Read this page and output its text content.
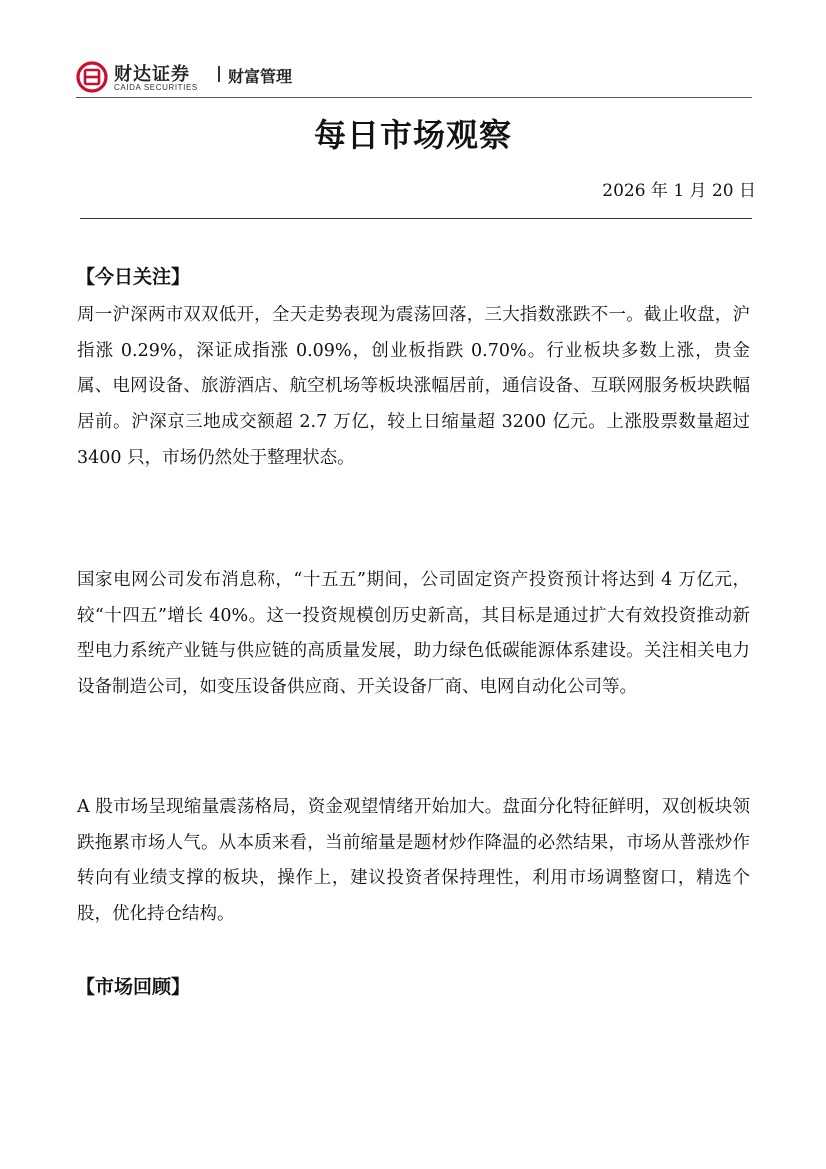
财达证券
CAIDA SECURITIES
财富管理
每日市场观察
2026 年 1 月 20 日
【今日关注】

周一沪深两市双双低开，全天走势表现为震荡回落，三大指数涨跌不一。截止收盘，沪指涨 0.29%，深证成指涨 0.09%，创业板指跌 0.70%。行业板块多数上涨，贵金属、电网设备、旅游酒店、航空机场等板块涨幅居前，通信设备、互联网服务板块跌幅居前。沪深京三地成交额超 2.7 万亿，较上日缩量超 3200 亿元。上涨股票数量超过 3400 只，市场仍然处于整理状态。

国家电网公司发布消息称，“十五五”期间，公司固定资产投资预计将达到 4 万亿元，较“十四五”增长 40%。这一投资规模创历史新高，其目标是通过扩大有效投资推动新型电力系统产业链与供应链的高质量发展，助力绿色低碳能源体系建设。关注相关电力设备制造公司，如变压设备供应商、开关设备厂商、电网自动化公司等。

A 股市场呈现缩量震荡格局，资金观望情绪开始加大。盘面分化特征鲜明，双创板块领跌拖累市场人气。从本质来看，当前缩量是题材炒作降温的必然结果，市场从普涨炒作转向有业绩支撑的板块，操作上，建议投资者保持理性，利用市场调整窗口，精选个股，优化持仓结构。

【市场回顾】
